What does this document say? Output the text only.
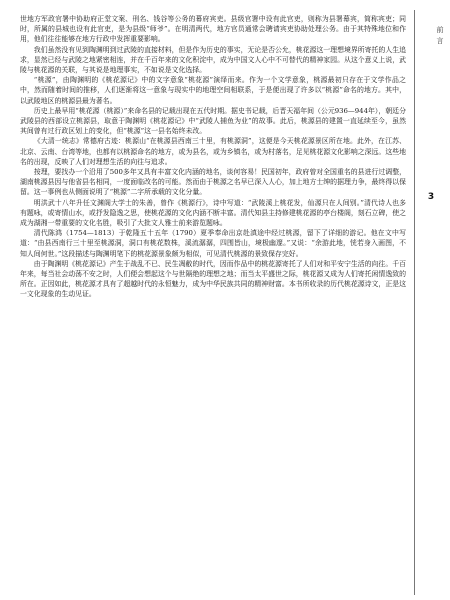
世地方军政官署中协助府正堂文案、刑名、钱谷等公务的幕府宾吏。县级官署中设有此官吏，则称为县署幕宾，简称宾吏；同时，所属的县城也设有此官吏，是为县级“师爷”。在明清两代，地方官员通常会聘请宾吏协助处理公务。由于其特殊地位和作用，他们往往能够在地方行政中发挥重要影响。

我们虽然没有见到陶渊明到过武陵的直接材料，但是作为历史的事实，无论是否公允，桃花源这一理想境界所寄托的人生追求，显然已经与武陵之地紧密相连，并在千百年来的文化积淀中，成为中国文人心中不可替代的精神家园。从这个意义上说，武陵与桃花源的关联，与其说是地理事实，不如说是文化选择。

“桃源”，由陶渊明的《桃花源记》中的文字意象“桃花源”演绎而来。作为一个文学意象，桃源最初只存在于文学作品之中，然而随着时间的推移，人们逐渐将这一意象与现实中的地理空间相联系，于是便出现了许多以“桃源”命名的地方。其中，以武陵地区的桃源县最为著名。

历史上最早用“桃花源（桃源）”来命名县的记载出现在五代时期。据史书记载，后晋天福年间（公元936—944年），朝廷分武陵县的西部设立桃源县，取意于陶渊明《桃花源记》中“武陵人捕鱼为业”的故事。此后，桃源县的建置一直延续至今，虽然其间曾有过行政区划上的变化，但“桃源”这一县名始终未改。

《大清一统志》常德府古迹：桃源山“在桃源县西南三十里，有桃源洞”，这便是今天桃花源景区所在地。此外，在江苏、北京、云南、台湾等地，也都有以桃源命名的地方，或为县名，或为乡镇名，或为村落名，足见桃花源文化影响之深远。这些地名的出现，反映了人们对理想生活的向往与追求。

按理，要找办一个沿用了500多年又具有丰富文化内涵的地名，谈何容易！民国初年，政府曾对全国重名的县进行过调整，湖南桃源县因与他省县名相同，一度面临改名的可能。然而由于桃源之名早已深入人心，加上地方士绅的据理力争，最终得以保留。这一事例也从侧面说明了“桃源”二字所承载的文化分量。

明洪武十八年升任文渊阁大学士的朱善，曾作《桃源行》，诗中写道：“武陵溪上桃花发，仙源只在人间别。”清代诗人也多有题咏，或寄情山水，或抒发隐逸之思，使桃花源的文化内涵不断丰富。清代知县主持修建桃花源的亭台楼阁，刻石立碑，使之成为湖湘一带重要的文化名胜，吸引了大批文人雅士前来游览题咏。

清代陈鸿（1754—1813）于乾隆五十五年（1790）夏季奉命出京赴滇途中经过桃源，留下了详细的游记。他在文中写道：“由县西南行三十里至桃源洞，洞口有桃花数株，溪流潺潺，四围皆山，境极幽邃。”又说：“余游此地，恍若身入画图，不知人间何世。”这段描述与陶渊明笔下的桃花源景象颇为相似，可见清代桃源的景致保存完好。

由于陶渊明《桃花源记》产生于战乱不已、民生凋敝的时代，因而作品中的桃花源寄托了人们对和平安宁生活的向往。千百年来，每当社会动荡不安之时，人们便会想起这个与世隔绝的理想之地；而当太平盛世之际，桃花源又成为人们寄托闲情逸致的所在。正因如此，桃花源才具有了超越时代的永恒魅力，成为中华民族共同的精神财富。本书所收录的历代桃花源诗文，正是这一文化现象的生动见证。

前言
3
